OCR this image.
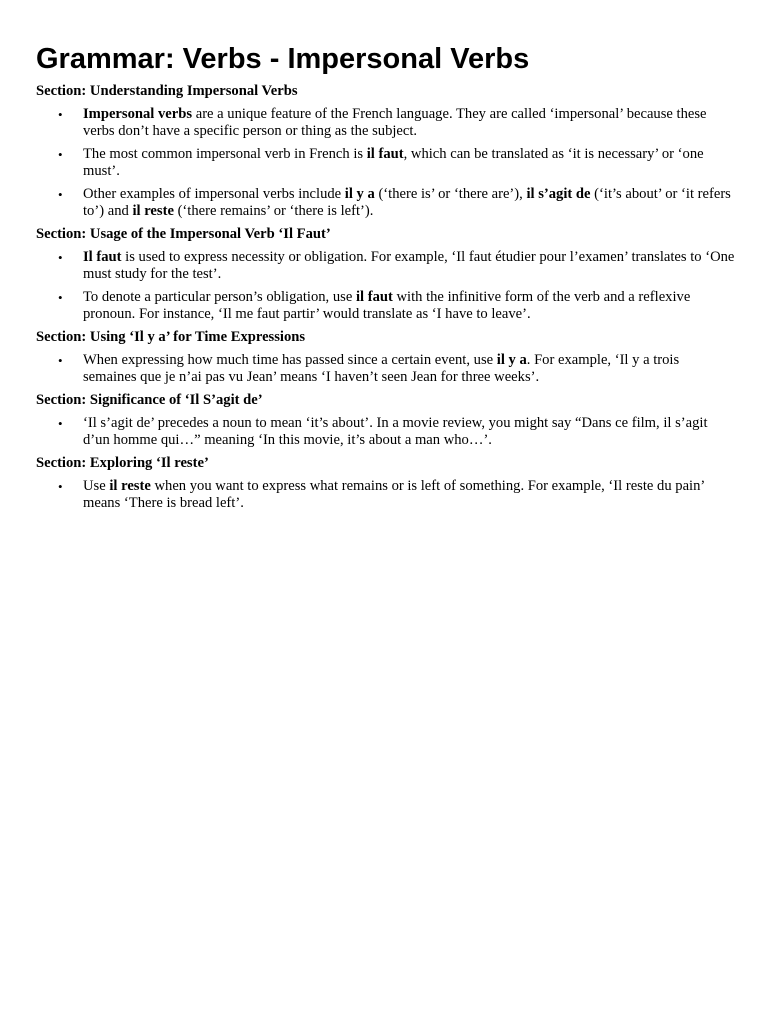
Grammar: Verbs - Impersonal Verbs

Section: Understanding Impersonal Verbs

• Impersonal verbs are a unique feature of the French language. They are called ‘impersonal’ because these verbs don’t have a specific person or thing as the subject.
• The most common impersonal verb in French is il faut, which can be translated as ‘it is necessary’ or ‘one must’.
• Other examples of impersonal verbs include il y a (‘there is’ or ‘there are’), il s’agit de (‘it’s about’ or ‘it refers to’) and il reste (‘there remains’ or ‘there is left’).

Section: Usage of the Impersonal Verb ‘Il Faut’

• Il faut is used to express necessity or obligation. For example, ‘Il faut étudier pour l’examen’ translates to ‘One must study for the test’.
• To denote a particular person’s obligation, use il faut with the infinitive form of the verb and a reflexive pronoun. For instance, ‘Il me faut partir’ would translate as ‘I have to leave’.

Section: Using ‘Il y a’ for Time Expressions

• When expressing how much time has passed since a certain event, use il y a. For example, ‘Il y a trois semaines que je n’ai pas vu Jean’ means ‘I haven’t seen Jean for three weeks’.

Section: Significance of ‘Il S’agit de’

• ‘Il s’agit de’ precedes a noun to mean ‘it’s about’. In a movie review, you might say “Dans ce film, il s’agit d’un homme qui…” meaning ‘In this movie, it’s about a man who…’.

Section: Exploring ‘Il reste’

• Use il reste when you want to express what remains or is left of something. For example, ‘Il reste du pain’ means ‘There is bread left’.
